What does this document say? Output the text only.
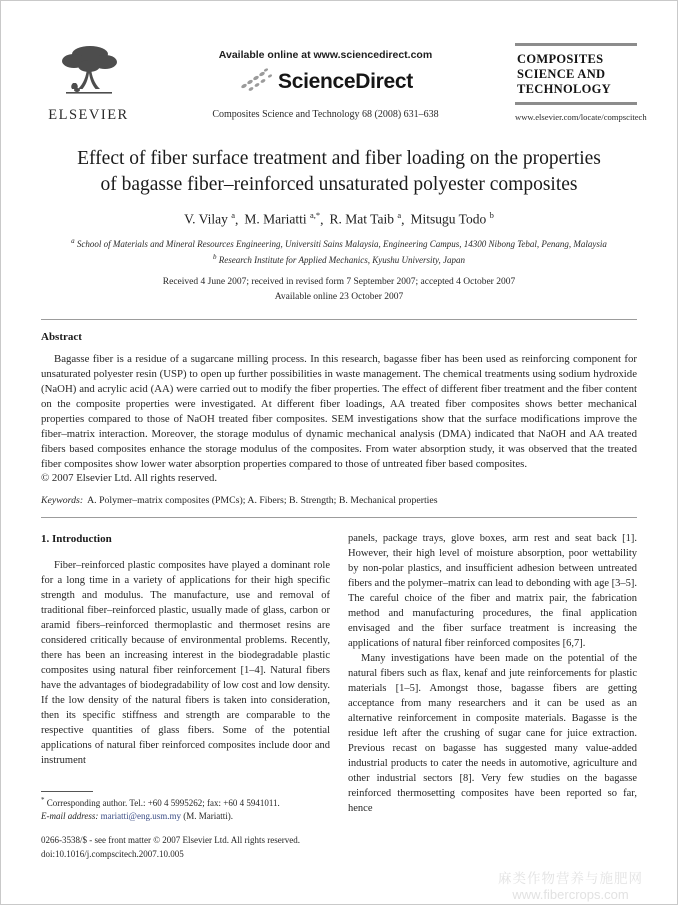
ELSEVIER
Available online at www.sciencedirect.com
ScienceDirect
Composites Science and Technology 68 (2008) 631–638
COMPOSITES
SCIENCE AND
TECHNOLOGY
www.elsevier.com/locate/compscitech
Effect of fiber surface treatment and fiber loading on the properties
of bagasse fiber–reinforced unsaturated polyester composites
V. Vilay $^a$, M. Mariatti $^{a,*}$, R. Mat Taib $^a$, Mitsugu Todo $^b$
$^a$ School of Materials and Mineral Resources Engineering, Universiti Sains Malaysia, Engineering Campus, 14300 Nibong Tebal, Penang, Malaysia
$^b$ Research Institute for Applied Mechanics, Kyushu University, Japan
Received 4 June 2007; received in revised form 7 September 2007; accepted 4 October 2007
Available online 23 October 2007
Abstract

Bagasse fiber is a residue of a sugarcane milling process. In this research, bagasse fiber has been used as reinforcing component for unsaturated polyester resin (USP) to open up further possibilities in waste management. The chemical treatments using sodium hydroxide (NaOH) and acrylic acid (AA) were carried out to modify the fiber properties. The effect of different fiber treatment and the fiber content on the composite properties were investigated. At different fiber loadings, AA treated fiber composites shows better mechanical properties compared to those of NaOH treated fiber composites. SEM investigations show that the surface modifications improve the fiber–matrix interaction. Moreover, the storage modulus of dynamic mechanical analysis (DMA) indicated that NaOH and AA treated fibers based composites enhance the storage modulus of the composites. From water absorption study, it was observed that the treated fiber composites show lower water absorption properties compared to those of untreated fiber based composites.

© 2007 Elsevier Ltd. All rights reserved.
Keywords: A. Polymer–matrix composites (PMCs); A. Fibers; B. Strength; B. Mechanical properties
1. Introduction

Fiber–reinforced plastic composites have played a dominant role for a long time in a variety of applications for their high specific strength and modulus. The manufacture, use and removal of traditional fiber–reinforced plastic, usually made of glass, carbon or aramid fibers–reinforced thermoplastic and thermoset resins are considered critically because of environmental problems. Recently, there has been an increasing interest in the biodegradable plastic composites using natural fiber reinforcement [1–4]. Natural fibers have the advantages of biodegradability of low cost and low density. If the low density of the natural fibers is taken into consideration, then its specific stiffness and strength are comparable to the respective quantities of glass fibers. Some of the potential applications of natural fiber reinforced composites include door and instrument

panels, package trays, glove boxes, arm rest and seat back [1]. However, their high level of moisture absorption, poor wettability by non-polar plastics, and insufficient adhesion between untreated fibers and the polymer–matrix can lead to debonding with age [3–5]. The careful choice of the fiber and matrix pair, the fabrication method and manufacturing procedures, the final application envisaged and the fiber surface treatment is increasing the applications of natural fiber reinforced composites [6,7].

Many investigations have been made on the potential of the natural fibers such as flax, kenaf and jute reinforcements for plastic materials [1–5]. Amongst those, bagasse fibers are getting acceptance from many researchers and it can be used as an alternative reinforcement in composite materials. Bagasse is the residue left after the crushing of sugar cane for juice extraction. Previous recast on bagasse has suggested many value-added industrial products to cater the needs in automotive, agriculture and other industrial sectors [8]. Very few studies on the bagasse reinforced thermosetting composites have been reported so far, hence

* Corresponding author. Tel.: +60 4 5995262; fax: +60 4 5941011.
E-mail address: mariatti@eng.usm.my (M. Mariatti).
0266-3538/$ - see front matter © 2007 Elsevier Ltd. All rights reserved.
doi:10.1016/j.compscitech.2007.10.005
麻类作物营养与施肥网
www.fibercrops.com
